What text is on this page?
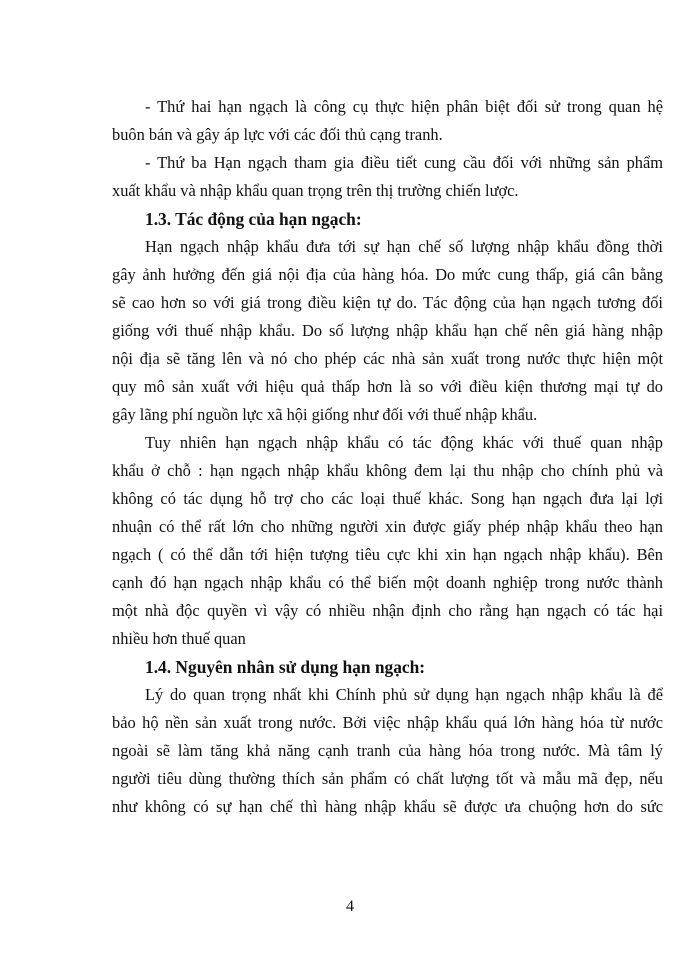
- Thứ hai hạn ngạch là công cụ thực hiện phân biệt đối sử trong quan hệ
buôn bán và gây áp lực với các đối thủ cạng tranh.
- Thứ ba Hạn ngạch tham gia điều tiết cung cầu đối với những sản phẩm
xuất khẩu và nhập khẩu quan trọng trên thị trường chiến lược.
1.3. Tác động của hạn ngạch:
Hạn ngạch nhập khẩu đưa tới sự hạn chế số lượng nhập khẩu đồng thời
gây ảnh hưởng đến giá nội địa của hàng hóa. Do mức cung thấp, giá cân bằng
sẽ cao hơn so với giá trong điều kiện tự do. Tác động của hạn ngạch tương đối
giống với thuế nhập khẩu. Do số lượng nhập khẩu hạn chế nên giá hàng nhập
nội địa sẽ tăng lên và nó cho phép các nhà sản xuất trong nước thực hiện một
quy mô sản xuất với hiệu quả thấp hơn là so với điều kiện thương mại tự do
gây lãng phí nguồn lực xã hội giống như đối với thuế nhập khẩu.
Tuy nhiên hạn ngạch nhập khẩu có tác động khác với thuế quan nhập
khẩu ở chỗ : hạn ngạch nhập khẩu không đem lại thu nhập cho chính phủ và
không có tác dụng hỗ trợ cho các loại thuế khác. Song hạn ngạch đưa lại lợi
nhuận có thể rất lớn cho những người xin được giấy phép nhập khẩu theo hạn
ngạch ( có thể dẫn tới hiện tượng tiêu cực khi xin hạn ngạch nhập khẩu). Bên
cạnh đó hạn ngạch nhập khẩu có thể biến một doanh nghiệp trong nước thành
một nhà độc quyền vì vậy có nhiều nhận định cho rằng hạn ngạch có tác hại
nhiều hơn thuế quan
1.4. Nguyên nhân sử dụng hạn ngạch:
Lý do quan trọng nhất khi Chính phủ sử dụng hạn ngạch nhập khẩu là để
bảo hộ nền sản xuất trong nước. Bởi việc nhập khẩu quá lớn hàng hóa từ nước
ngoài sẽ làm tăng khả năng cạnh tranh của hàng hóa trong nước. Mà tâm lý
người tiêu dùng thường thích sản phẩm có chất lượng tốt và mẫu mã đẹp, nếu
như không có sự hạn chế thì hàng nhập khẩu sẽ được ưa chuộng hơn do sức
4
